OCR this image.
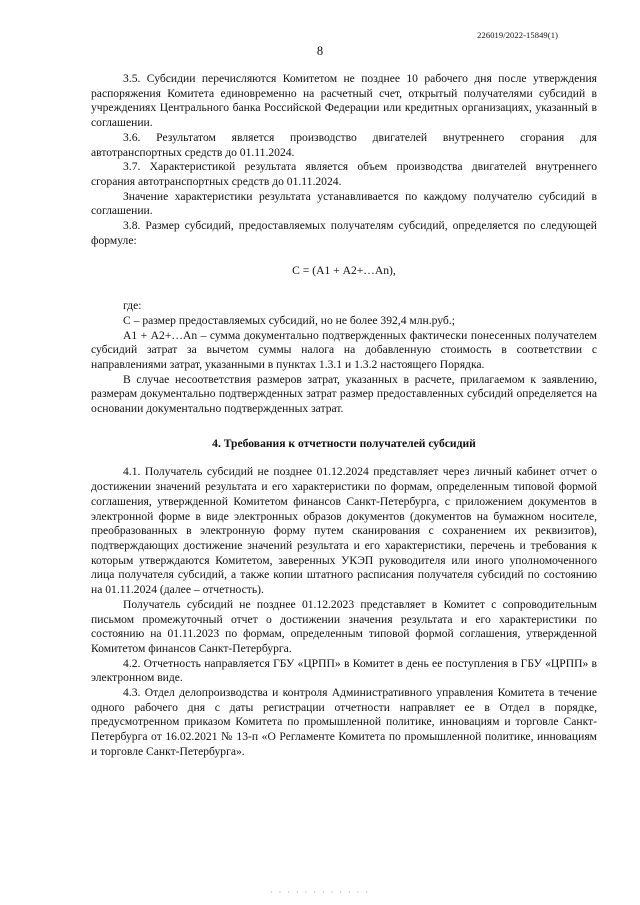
226019/2022-15849(1)
8

3.5. Субсидии перечисляются Комитетом не позднее 10 рабочего дня после утверждения распоряжения Комитета единовременно на расчетный счет, открытый получателями субсидий в учреждениях Центрального банка Российской Федерации или кредитных организациях, указанный в соглашении.

3.6. Результатом является производство двигателей внутреннего сгорания для автотранспортных средств до 01.11.2024.

3.7. Характеристикой результата является объем производства двигателей внутреннего сгорания автотранспортных средств до 01.11.2024.

Значение характеристики результата устанавливается по каждому получателю субсидий в соглашении.

3.8. Размер субсидий, предоставляемых получателям субсидий, определяется по следующей формуле:

С = (А1 + А2+…Аn),

где:

С – размер предоставляемых субсидий, но не более 392,4 млн.руб.;

А1 + А2+…Аn – сумма документально подтвержденных фактически понесенных получателем субсидий затрат за вычетом суммы налога на добавленную стоимость в соответствии с направлениями затрат, указанными в пунктах 1.3.1 и 1.3.2 настоящего Порядка.

В случае несоответствия размеров затрат, указанных в расчете, прилагаемом к заявлению, размерам документально подтвержденных затрат размер предоставленных субсидий определяется на основании документально подтвержденных затрат.

4. Требования к отчетности получателей субсидий

4.1. Получатель субсидий не позднее 01.12.2024 представляет через личный кабинет отчет о достижении значений результата и его характеристики по формам, определенным типовой формой соглашения, утвержденной Комитетом финансов Санкт-Петербурга, с приложением документов в электронной форме в виде электронных образов документов (документов на бумажном носителе, преобразованных в электронную форму путем сканирования с сохранением их реквизитов), подтверждающих достижение значений результата и его характеристики, перечень и требования к которым утверждаются Комитетом, заверенных УКЭП руководителя или иного уполномоченного лица получателя субсидий, а также копии штатного расписания получателя субсидий по состоянию на 01.11.2024 (далее – отчетность).

Получатель субсидий не позднее 01.12.2023 представляет в Комитет с сопроводительным письмом промежуточный отчет о достижении значения результата и его характеристики по состоянию на 01.11.2023 по формам, определенным типовой формой соглашения, утвержденной Комитетом финансов Санкт-Петербурга.

4.2. Отчетность направляется ГБУ «ЦРПП» в Комитет в день ее поступления в ГБУ «ЦРПП» в электронном виде.

4.3. Отдел делопроизводства и контроля Административного управления Комитета в течение одного рабочего дня с даты регистрации отчетности направляет ее в Отдел в порядке, предусмотренном приказом Комитета по промышленной политике, инновациям и торговле Санкт-Петербурга от 16.02.2021 № 13-п «О Регламенте Комитета по промышленной политике, инновациям и торговле Санкт-Петербурга».

· · · · · · · · · · · ·
